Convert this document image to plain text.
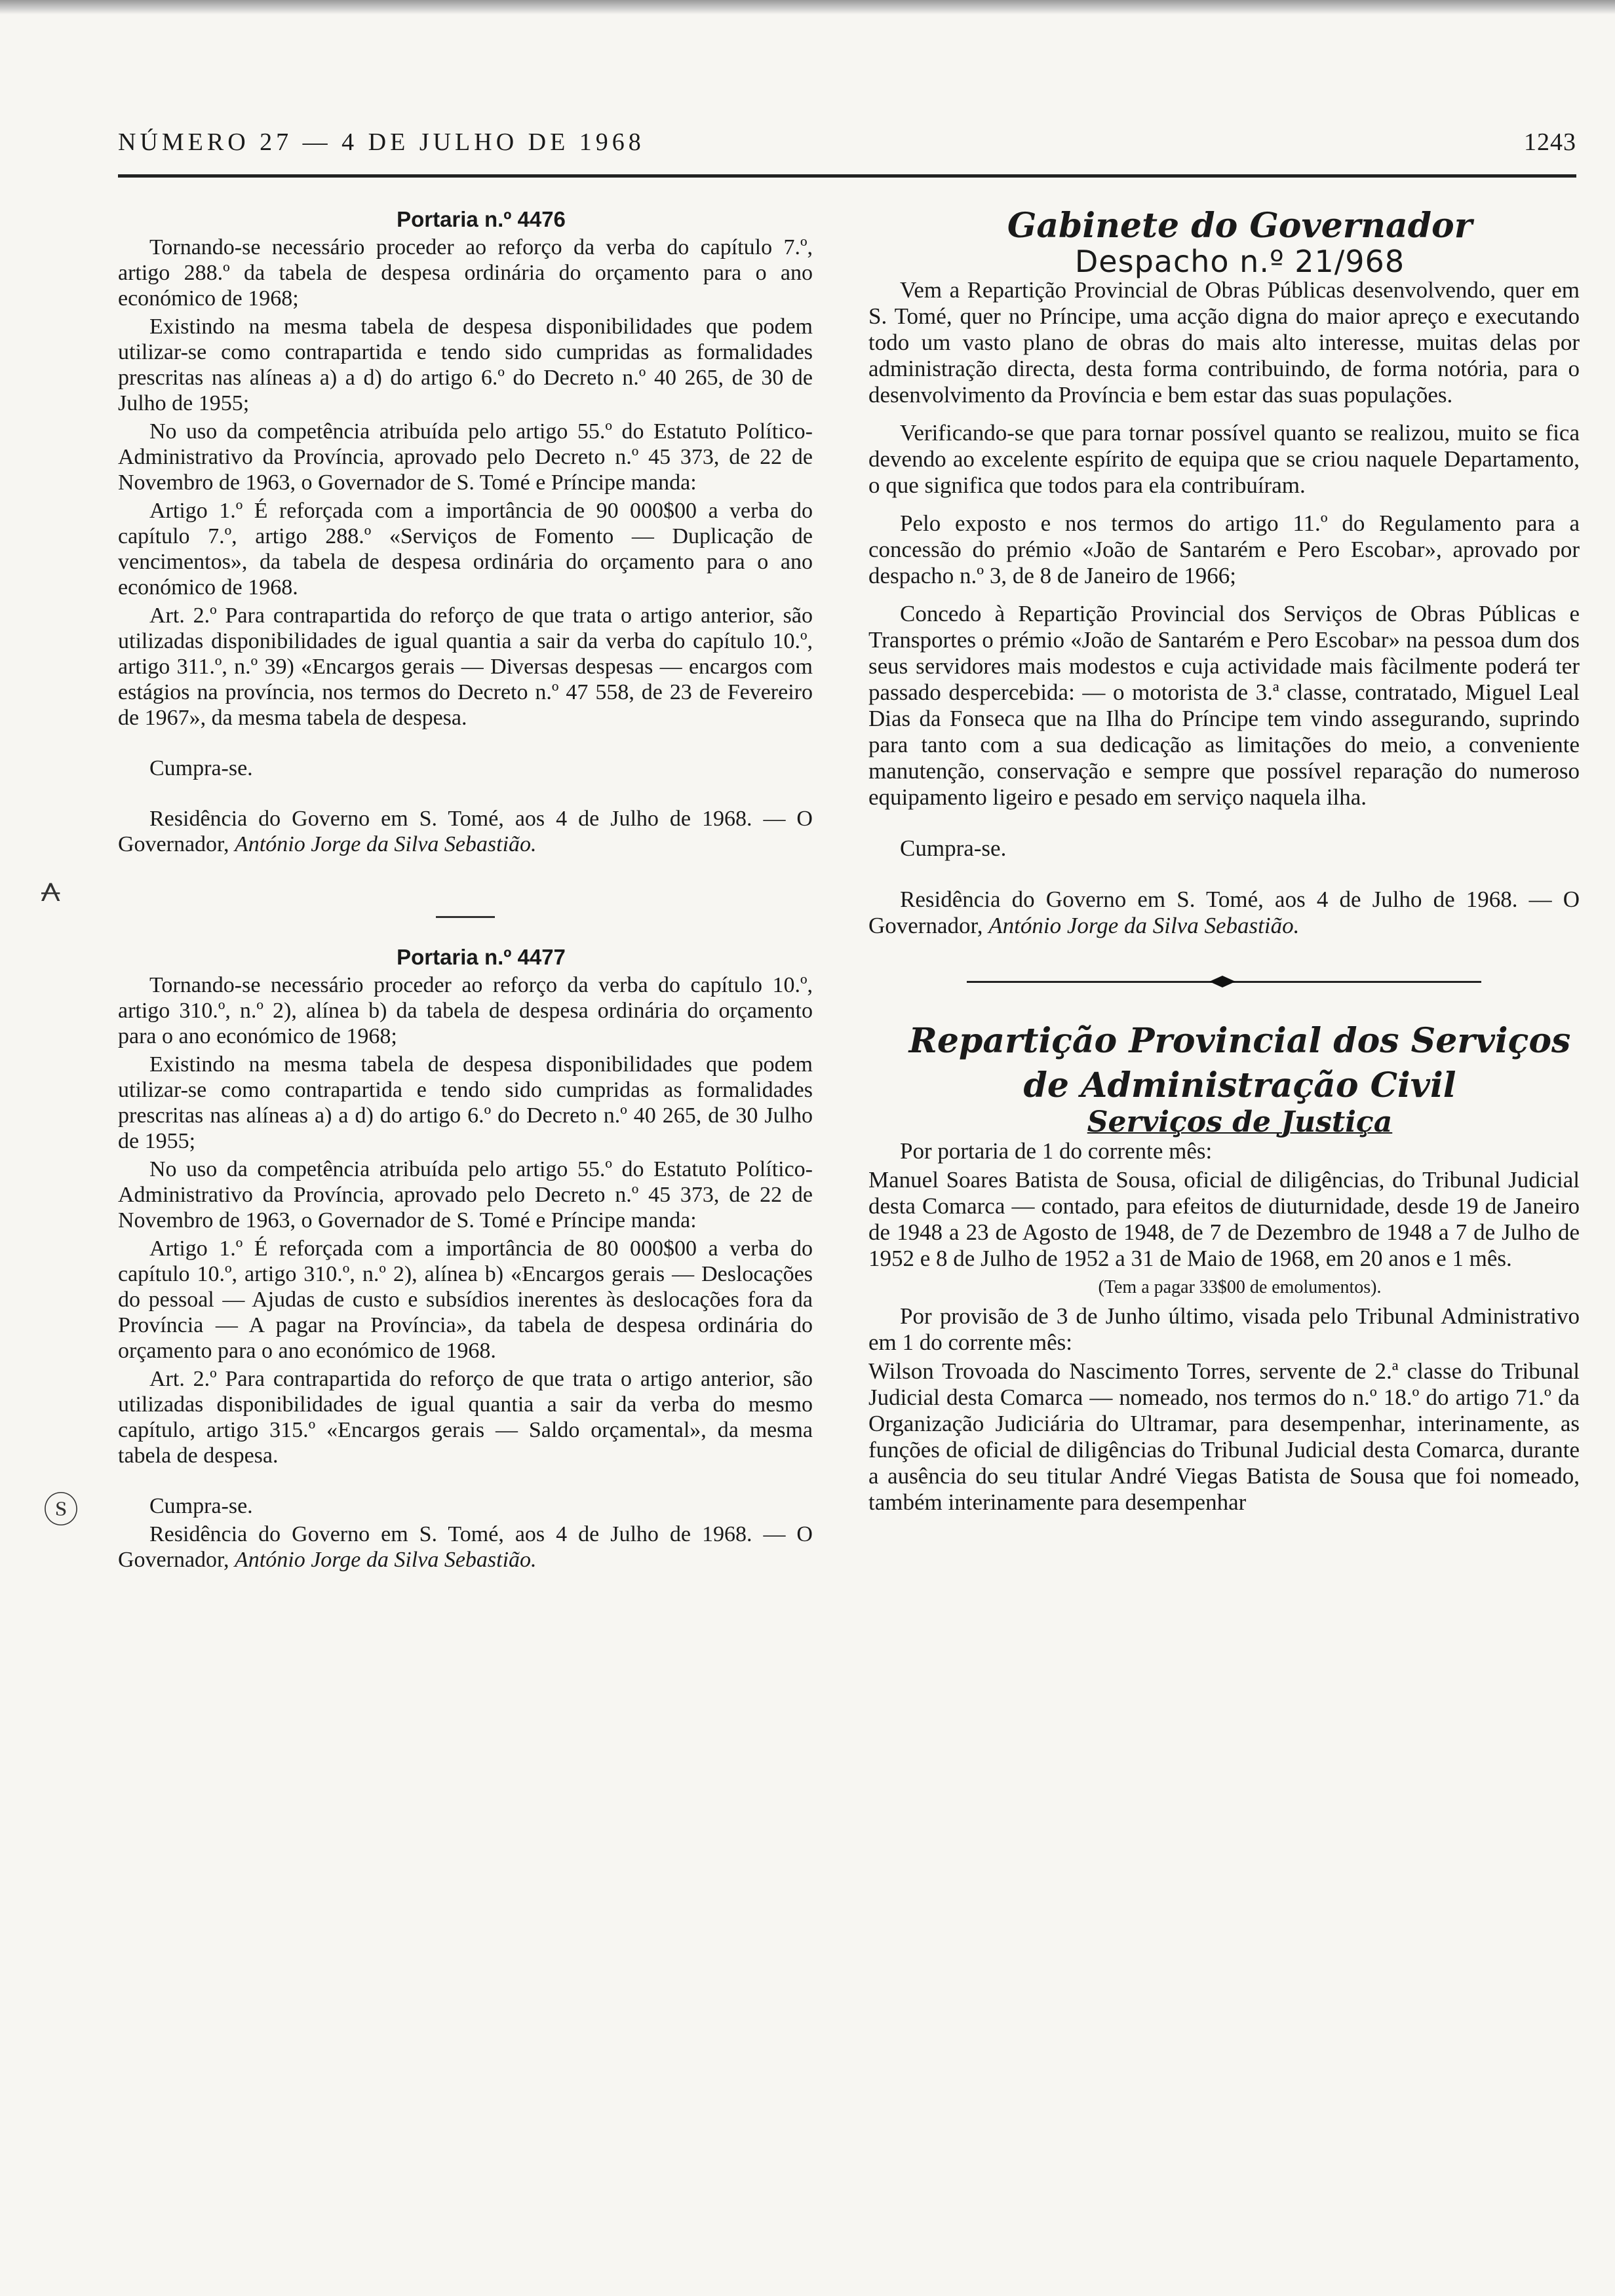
NÚMERO 27 — 4 DE JULHO DE 1968	1243
⩜
ⓢ

Portaria n.º 4476

Tornando-se necessário proceder ao reforço da verba do capítulo 7.º, artigo 288.º da tabela de despesa ordinária do orçamento para o ano económico de 1968;

Existindo na mesma tabela de despesa disponibilidades que podem utilizar-se como contrapartida e tendo sido cumpridas as formalidades prescritas nas alíneas a) a d) do artigo 6.º do Decreto n.º 40 265, de 30 de Julho de 1955;

No uso da competência atribuída pelo artigo 55.º do Estatuto Político-Administrativo da Província, aprovado pelo Decreto n.º 45 373, de 22 de Novembro de 1963, o Governador de S. Tomé e Príncipe manda:

Artigo 1.º É reforçada com a importância de 90 000$00 a verba do capítulo 7.º, artigo 288.º «Serviços de Fomento — Duplicação de vencimentos», da tabela de despesa ordinária do orçamento para o ano económico de 1968.

Art. 2.º Para contrapartida do reforço de que trata o artigo anterior, são utilizadas disponibilidades de igual quantia a sair da verba do capítulo 10.º, artigo 311.º, n.º 39) «Encargos gerais — Diversas despesas — encargos com estágios na província, nos termos do Decreto n.º 47 558, de 23 de Fevereiro de 1967», da mesma tabela de despesa.

Cumpra-se.

Residência do Governo em S. Tomé, aos 4 de Julho de 1968. — O Governador, António Jorge da Silva Sebastião.

Portaria n.º 4477

Tornando-se necessário proceder ao reforço da verba do capítulo 10.º, artigo 310.º, n.º 2), alínea b) da tabela de despesa ordinária do orçamento para o ano económico de 1968;

Existindo na mesma tabela de despesa disponibilidades que podem utilizar-se como contrapartida e tendo sido cumpridas as formalidades prescritas nas alíneas a) a d) do artigo 6.º do Decreto n.º 40 265, de 30 Julho de 1955;

No uso da competência atribuída pelo artigo 55.º do Estatuto Político-Administrativo da Província, aprovado pelo Decreto n.º 45 373, de 22 de Novembro de 1963, o Governador de S. Tomé e Príncipe manda:

Artigo 1.º É reforçada com a importância de 80 000$00 a verba do capítulo 10.º, artigo 310.º, n.º 2), alínea b) «Encargos gerais — Deslocações do pessoal — Ajudas de custo e subsídios inerentes às deslocações fora da Província — A pagar na Província», da tabela de despesa ordinária do orçamento para o ano económico de 1968.

Art. 2.º Para contrapartida do reforço de que trata o artigo anterior, são utilizadas disponibilidades de igual quantia a sair da verba do mesmo capítulo, artigo 315.º «Encargos gerais — Saldo orçamental», da mesma tabela de despesa.

Cumpra-se.

Residência do Governo em S. Tomé, aos 4 de Julho de 1968. — O Governador, António Jorge da Silva Sebastião.

Gabinete do Governador

Despacho n.º 21/968

Vem a Repartição Provincial de Obras Públicas desenvolvendo, quer em S. Tomé, quer no Príncipe, uma acção digna do maior apreço e executando todo um vasto plano de obras do mais alto interesse, muitas delas por administração directa, desta forma contribuindo, de forma notória, para o desenvolvimento da Província e bem estar das suas populações.

Verificando-se que para tornar possível quanto se realizou, muito se fica devendo ao excelente espírito de equipa que se criou naquele Departamento, o que significa que todos para ela contribuíram.

Pelo exposto e nos termos do artigo 11.º do Regulamento para a concessão do prémio «João de Santarém e Pero Escobar», aprovado por despacho n.º 3, de 8 de Janeiro de 1966;

Concedo à Repartição Provincial dos Serviços de Obras Públicas e Transportes o prémio «João de Santarém e Pero Escobar» na pessoa dum dos seus servidores mais modestos e cuja actividade mais fàcilmente poderá ter passado despercebida: — o motorista de 3.ª classe, contratado, Miguel Leal Dias da Fonseca que na Ilha do Príncipe tem vindo assegurando, suprindo para tanto com a sua dedicação as limitações do meio, a conveniente manutenção, conservação e sempre que possível reparação do numeroso equipamento ligeiro e pesado em serviço naquela ilha.

Cumpra-se.

Residência do Governo em S. Tomé, aos 4 de Julho de 1968. — O Governador, António Jorge da Silva Sebastião.

Repartição Provincial dos Serviços

de Administração Civil

Serviços de Justiça

Por portaria de 1 do corrente mês:

Manuel Soares Batista de Sousa, oficial de diligências, do Tribunal Judicial desta Comarca — contado, para efeitos de diuturnidade, desde 19 de Janeiro de 1948 a 23 de Agosto de 1948, de 7 de Dezembro de 1948 a 7 de Julho de 1952 e 8 de Julho de 1952 a 31 de Maio de 1968, em 20 anos e 1 mês.

(Tem a pagar 33$00 de emolumentos).

Por provisão de 3 de Junho último, visada pelo Tribunal Administrativo em 1 do corrente mês:

Wilson Trovoada do Nascimento Torres, servente de 2.ª classe do Tribunal Judicial desta Comarca — nomeado, nos termos do n.º 18.º do artigo 71.º da Organização Judiciária do Ultramar, para desempenhar, interinamente, as funções de oficial de diligências do Tribunal Judicial desta Comarca, durante a ausência do seu titular André Viegas Batista de Sousa que foi nomeado, também interinamente para desempenhar
